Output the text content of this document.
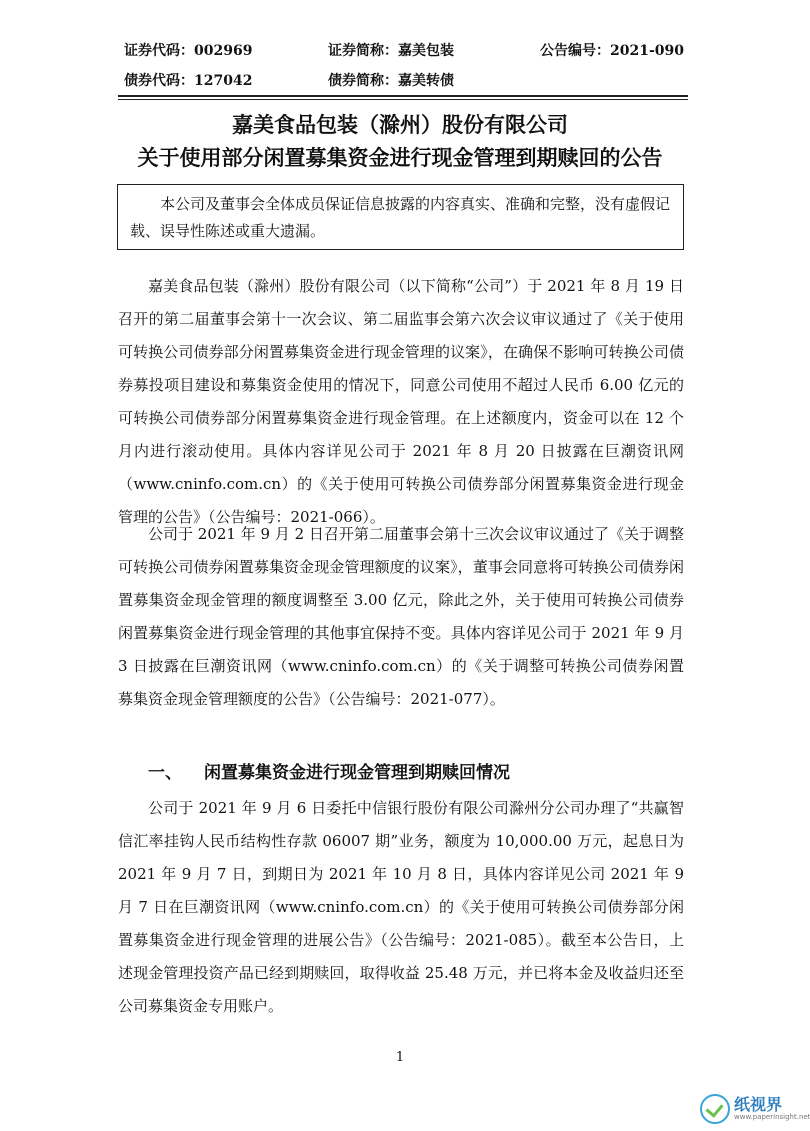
证券代码：002969	证券简称：嘉美包装	公告编号：2021-090
债券代码：127042	债券简称：嘉美转债
嘉美食品包装（滁州）股份有限公司
关于使用部分闲置募集资金进行现金管理到期赎回的公告
本公司及董事会全体成员保证信息披露的内容真实、准确和完整，没有虚假记载、误导性陈述或重大遗漏。

嘉美食品包装（滁州）股份有限公司（以下简称“公司”）于 2021 年 8 月 19 日召开的第二届董事会第十一次会议、第二届监事会第六次会议审议通过了《关于使用可转换公司债券部分闲置募集资金进行现金管理的议案》，在确保不影响可转换公司债券募投项目建设和募集资金使用的情况下，同意公司使用不超过人民币 6.00 亿元的可转换公司债券部分闲置募集资金进行现金管理。在上述额度内，资金可以在 12 个月内进行滚动使用。具体内容详见公司于 2021 年 8 月 20 日披露在巨潮资讯网（www.cninfo.com.cn）的《关于使用可转换公司债券部分闲置募集资金进行现金管理的公告》（公告编号：2021-066）。

公司于 2021 年 9 月 2 日召开第二届董事会第十三次会议审议通过了《关于调整可转换公司债券闲置募集资金现金管理额度的议案》，董事会同意将可转换公司债券闲置募集资金现金管理的额度调整至 3.00 亿元，除此之外，关于使用可转换公司债券闲置募集资金进行现金管理的其他事宜保持不变。具体内容详见公司于 2021 年 9 月 3 日披露在巨潮资讯网（www.cninfo.com.cn）的《关于调整可转换公司债券闲置募集资金现金管理额度的公告》（公告编号：2021-077）。

一、 闲置募集资金进行现金管理到期赎回情况

公司于 2021 年 9 月 6 日委托中信银行股份有限公司滁州分公司办理了“共赢智信汇率挂钩人民币结构性存款 06007 期”业务，额度为 10,000.00 万元，起息日为 2021 年 9 月 7 日，到期日为 2021 年 10 月 8 日，具体内容详见公司 2021 年 9 月 7 日在巨潮资讯网（www.cninfo.com.cn）的《关于使用可转换公司债券部分闲置募集资金进行现金管理的进展公告》（公告编号：2021-085）。截至本公告日，上述现金管理投资产品已经到期赎回，取得收益 25.48 万元，并已将本金及收益归还至公司募集资金专用账户。

1
纸视界
www.paperinsight.net
